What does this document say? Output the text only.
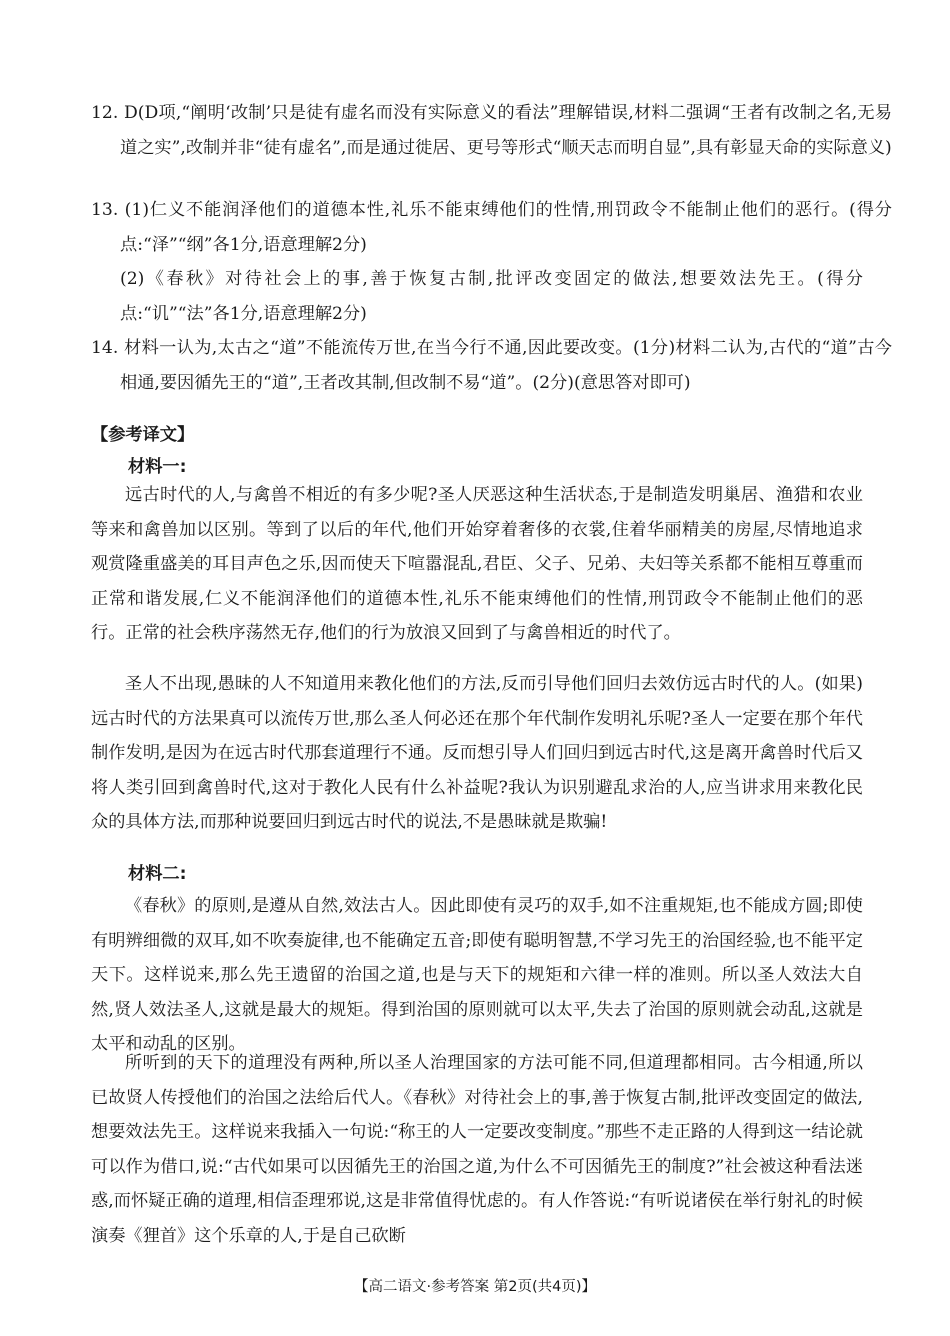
12. D(D项,“阐明‘改制’只是徒有虚名而没有实际意义的看法”理解错误,材料二强调“王者有改制之名,无易道之实”,改制并非“徒有虚名”,而是通过徙居、更号等形式“顺天志而明自显”,具有彰显天命的实际意义)

13. (1)仁义不能润泽他们的道德本性,礼乐不能束缚他们的性情,刑罚政令不能制止他们的恶行。(得分点:“泽”“纲”各1分,语意理解2分)

(2)《春秋》对待社会上的事,善于恢复古制,批评改变固定的做法,想要效法先王。(得分点:“讥”“法”各1分,语意理解2分)

14. 材料一认为,太古之“道”不能流传万世,在当今行不通,因此要改变。(1分)材料二认为,古代的“道”古今相通,要因循先王的“道”,王者改其制,但改制不易“道”。(2分)(意思答对即可)

【参考译文】

材料一:

远古时代的人,与禽兽不相近的有多少呢?圣人厌恶这种生活状态,于是制造发明巢居、渔猎和农业等来和禽兽加以区别。等到了以后的年代,他们开始穿着奢侈的衣裳,住着华丽精美的房屋,尽情地追求观赏隆重盛美的耳目声色之乐,因而使天下喧嚣混乱,君臣、父子、兄弟、夫妇等关系都不能相互尊重而正常和谐发展,仁义不能润泽他们的道德本性,礼乐不能束缚他们的性情,刑罚政令不能制止他们的恶行。正常的社会秩序荡然无存,他们的行为放浪又回到了与禽兽相近的时代了。

圣人不出现,愚昧的人不知道用来教化他们的方法,反而引导他们回归去效仿远古时代的人。(如果)远古时代的方法果真可以流传万世,那么圣人何必还在那个年代制作发明礼乐呢?圣人一定要在那个年代制作发明,是因为在远古时代那套道理行不通。反而想引导人们回归到远古时代,这是离开禽兽时代后又将人类引回到禽兽时代,这对于教化人民有什么补益呢?我认为识别避乱求治的人,应当讲求用来教化民众的具体方法,而那种说要回归到远古时代的说法,不是愚昧就是欺骗!

材料二:

《春秋》的原则,是遵从自然,效法古人。因此即使有灵巧的双手,如不注重规矩,也不能成方圆;即使有明辨细微的双耳,如不吹奏旋律,也不能确定五音;即使有聪明智慧,不学习先王的治国经验,也不能平定天下。这样说来,那么先王遗留的治国之道,也是与天下的规矩和六律一样的准则。所以圣人效法大自然,贤人效法圣人,这就是最大的规矩。得到治国的原则就可以太平,失去了治国的原则就会动乱,这就是太平和动乱的区别。

所听到的天下的道理没有两种,所以圣人治理国家的方法可能不同,但道理都相同。古今相通,所以已故贤人传授他们的治国之法给后代人。《春秋》对待社会上的事,善于恢复古制,批评改变固定的做法,想要效法先王。这样说来我插入一句说:“称王的人一定要改变制度。”那些不走正路的人得到这一结论就可以作为借口,说:“古代如果可以因循先王的治国之道,为什么不可因循先王的制度?”社会被这种看法迷惑,而怀疑正确的道理,相信歪理邪说,这是非常值得忧虑的。有人作答说:“有听说诸侯在举行射礼的时候演奏《狸首》这个乐章的人,于是自己砍断

【高二语文·参考答案 第2页(共4页)】
